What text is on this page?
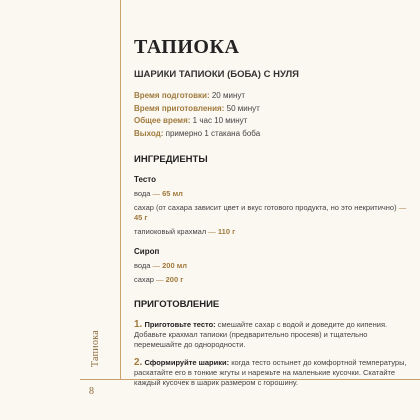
Тапиока
8
ТАПИОКА
ШАРИКИ ТАПИОКИ (БОБА) С НУЛЯ
Время подготовки: 20 минут
Время приготовления: 50 минут
Общее время: 1 час 10 минут
Выход: примерно 1 стакана боба
ИНГРЕДИЕНТЫ
Тесто
вода — 65 мл
сахар (от сахара зависит цвет и вкус готового продукта, но это некритично) — 45 г
тапиоковый крахмал — 110 г
Сироп
вода — 200 мл
сахар — 200 г
ПРИГОТОВЛЕНИЕ
1. Приготовьте тесто: смешайте сахар с водой и доведите до кипения. Добавьте крахмал тапиоки (предварительно просеяв) и тщательно перемешайте до однородности.
2. Сформируйте шарики: когда тесто остынет до комфортной температуры, раскатайте его в тонкие жгуты и нарежьте на маленькие кусочки. Скатайте каждый кусочек в шарик размером с горошину.
